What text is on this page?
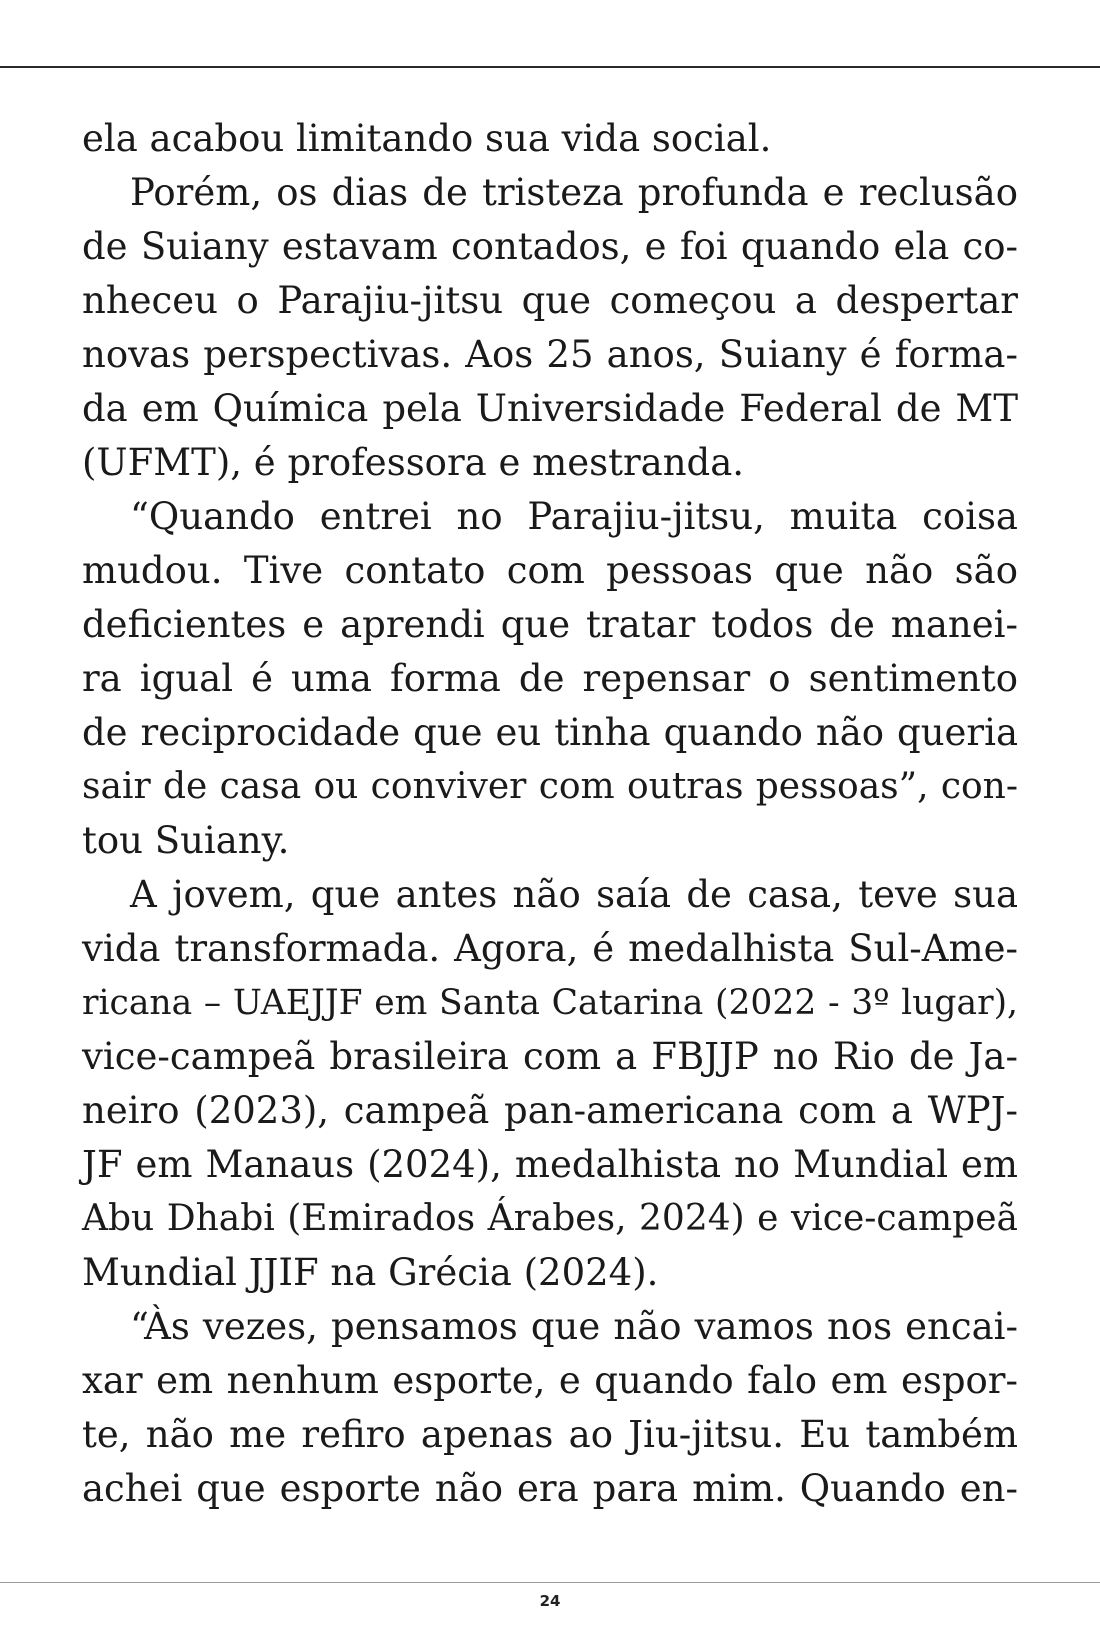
ela acabou limitando sua vida social.
Porém, os dias de tristeza profunda e reclusão
de Suiany estavam contados, e foi quando ela co-
nheceu o Parajiu-jitsu que começou a despertar
novas perspectivas. Aos 25 anos, Suiany é forma-
da em Química pela Universidade Federal de MT
(UFMT), é professora e mestranda.
“Quando entrei no Parajiu-jitsu, muita coisa
mudou. Tive contato com pessoas que não são
deficientes e aprendi que tratar todos de manei-
ra igual é uma forma de repensar o sentimento
de reciprocidade que eu tinha quando não queria
sair de casa ou conviver com outras pessoas”, con-
tou Suiany.
A jovem, que antes não saía de casa, teve sua
vida transformada. Agora, é medalhista Sul-Ame-
ricana – UAEJJF em Santa Catarina (2022 - 3º lugar),
vice-campeã brasileira com a FBJJP no Rio de Ja-
neiro (2023), campeã pan-americana com a WPJ-
JF em Manaus (2024), medalhista no Mundial em
Abu Dhabi (Emirados Árabes, 2024) e vice-campeã
Mundial JJIF na Grécia (2024).
“Às vezes, pensamos que não vamos nos encai-
xar em nenhum esporte, e quando falo em espor-
te, não me refiro apenas ao Jiu-jitsu. Eu também
achei que esporte não era para mim. Quando en-
24
